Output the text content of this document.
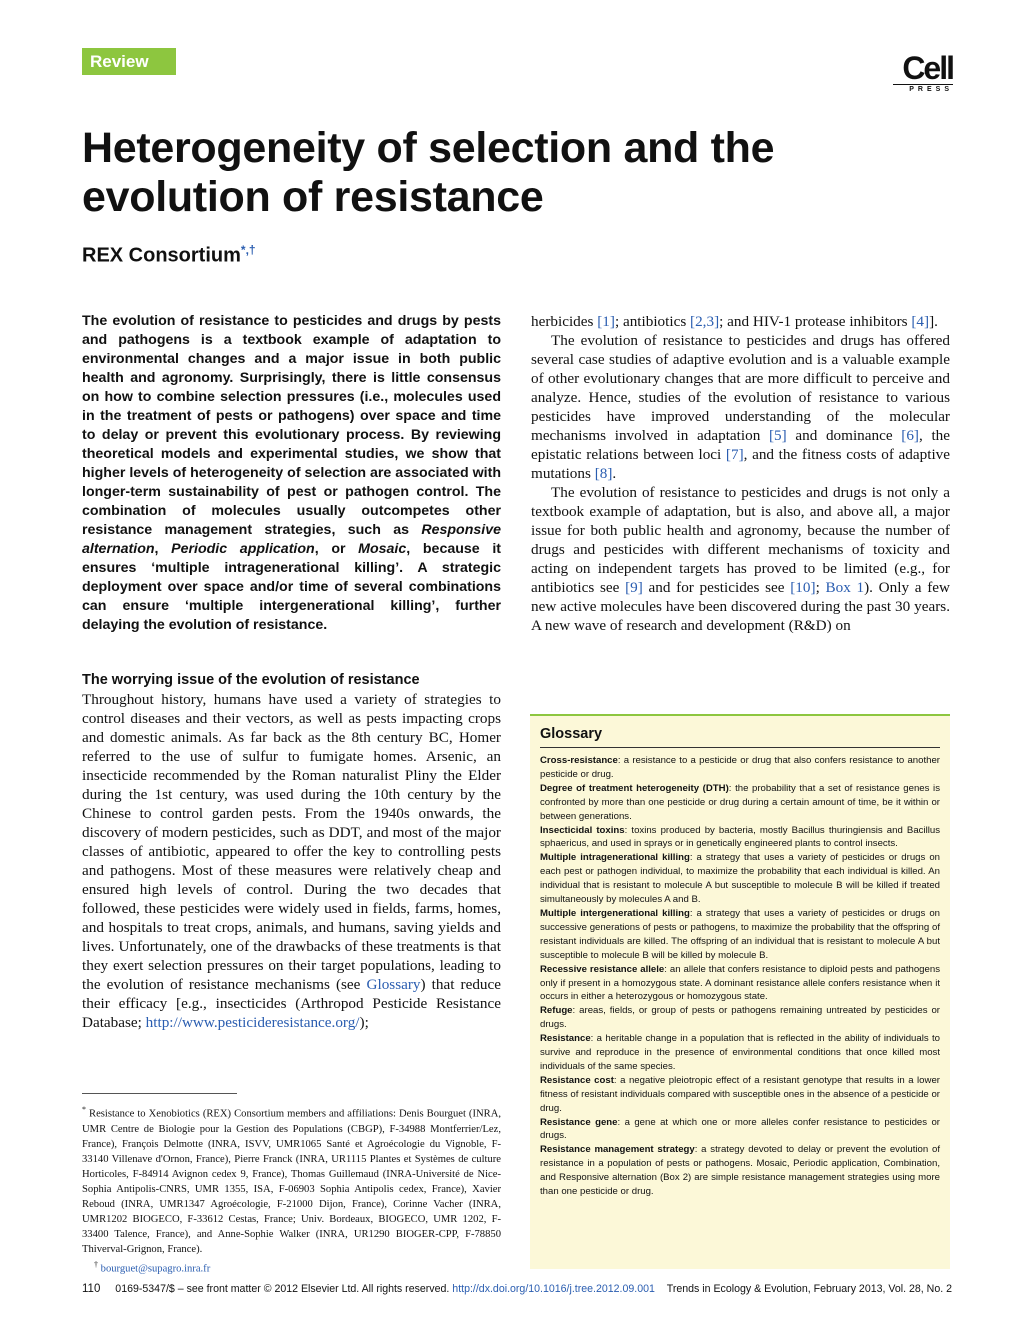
Review	Cell
PRESS
Heterogeneity of selection and the evolution of resistance
REX Consortium*,†

The evolution of resistance to pesticides and drugs by pests and pathogens is a textbook example of adaptation to environmental changes and a major issue in both public health and agronomy. Surprisingly, there is little consensus on how to combine selection pressures (i.e., molecules used in the treatment of pests or pathogens) over space and time to delay or prevent this evolutionary process. By reviewing theoretical models and experimental studies, we show that higher levels of heterogeneity of selection are associated with longer-term sustainability of pest or pathogen control. The combination of molecules usually outcompetes other resistance management strategies, such as Responsive alternation, Periodic application, or Mosaic, because it ensures ‘multiple intragenerational killing’. A strategic deployment over space and/or time of several combinations can ensure ‘multiple intergenerational killing’, further delaying the evolution of resistance.

The worrying issue of the evolution of resistance

Throughout history, humans have used a variety of strategies to control diseases and their vectors, as well as pests impacting crops and domestic animals. As far back as the 8th century BC, Homer referred to the use of sulfur to fumigate homes. Arsenic, an insecticide recommended by the Roman naturalist Pliny the Elder during the 1st century, was used during the 10th century by the Chinese to control garden pests. From the 1940s onwards, the discovery of modern pesticides, such as DDT, and most of the major classes of antibiotic, appeared to offer the key to controlling pests and pathogens. Most of these measures were relatively cheap and ensured high levels of control. During the two decades that followed, these pesticides were widely used in fields, farms, homes, and hospitals to treat crops, animals, and humans, saving yields and lives. Unfortunately, one of the drawbacks of these treatments is that they exert selection pressures on their target populations, leading to the evolution of resistance mechanisms (see Glossary) that reduce their efficacy [e.g., insecticides (Arthropod Pesticide Resistance Database; http://www.pesticideresistance.org/);

* Resistance to Xenobiotics (REX) Consortium members and affiliations: Denis Bourguet (INRA, UMR Centre de Biologie pour la Gestion des Populations (CBGP), F-34988 Montferrier/Lez, France), François Delmotte (INRA, ISVV, UMR1065 Santé et Agroécologie du Vignoble, F-33140 Villenave d'Ornon, France), Pierre Franck (INRA, UR1115 Plantes et Systèmes de culture Horticoles, F-84914 Avignon cedex 9, France), Thomas Guillemaud (INRA-Université de Nice-Sophia Antipolis-CNRS, UMR 1355, ISA, F-06903 Sophia Antipolis cedex, France), Xavier Reboud (INRA, UMR1347 Agroécologie, F-21000 Dijon, France), Corinne Vacher (INRA, UMR1202 BIOGECO, F-33612 Cestas, France; Univ. Bordeaux, BIOGECO, UMR 1202, F-33400 Talence, France), and Anne-Sophie Walker (INRA, UR1290 BIOGER-CPP, F-78850 Thiverval-Grignon, France).

† bourguet@supagro.inra.fr

herbicides [1]; antibiotics [2,3]; and HIV-1 protease inhibitors [4]].

The evolution of resistance to pesticides and drugs has offered several case studies of adaptive evolution and is a valuable example of other evolutionary changes that are more difficult to perceive and analyze. Hence, studies of the evolution of resistance to various pesticides have improved understanding of the molecular mechanisms involved in adaptation [5] and dominance [6], the epistatic relations between loci [7], and the fitness costs of adaptive mutations [8].

The evolution of resistance to pesticides and drugs is not only a textbook example of adaptation, but is also, and above all, a major issue for both public health and agronomy, because the number of drugs and pesticides with different mechanisms of toxicity and acting on independent targets has proved to be limited (e.g., for antibiotics see [9] and for pesticides see [10]; Box 1). Only a few new active molecules have been discovered during the past 30 years. A new wave of research and development (R&D) on

Glossary

Cross-resistance: a resistance to a pesticide or drug that also confers resistance to another pesticide or drug.

Degree of treatment heterogeneity (DTH): the probability that a set of resistance genes is confronted by more than one pesticide or drug during a certain amount of time, be it within or between generations.

Insecticidal toxins: toxins produced by bacteria, mostly Bacillus thuringiensis and Bacillus sphaericus, and used in sprays or in genetically engineered plants to control insects.

Multiple intragenerational killing: a strategy that uses a variety of pesticides or drugs on each pest or pathogen individual, to maximize the probability that each individual is killed. An individual that is resistant to molecule A but susceptible to molecule B will be killed if treated simultaneously by molecules A and B.

Multiple intergenerational killing: a strategy that uses a variety of pesticides or drugs on successive generations of pests or pathogens, to maximize the probability that the offspring of resistant individuals are killed. The offspring of an individual that is resistant to molecule A but susceptible to molecule B will be killed by molecule B.

Recessive resistance allele: an allele that confers resistance to diploid pests and pathogens only if present in a homozygous state. A dominant resistance allele confers resistance when it occurs in either a heterozygous or homozygous state.

Refuge: areas, fields, or group of pests or pathogens remaining untreated by pesticides or drugs.

Resistance: a heritable change in a population that is reflected in the ability of individuals to survive and reproduce in the presence of environmental conditions that once killed most individuals of the same species.

Resistance cost: a negative pleiotropic effect of a resistant genotype that results in a lower fitness of resistant individuals compared with susceptible ones in the absence of a pesticide or drug.

Resistance gene: a gene at which one or more alleles confer resistance to pesticides or drugs.

Resistance management strategy: a strategy devoted to delay or prevent the evolution of resistance in a population of pests or pathogens. Mosaic, Periodic application, Combination, and Responsive alternation (Box 2) are simple resistance management strategies using more than one pesticide or drug.

110 0169-5347/$ – see front matter © 2012 Elsevier Ltd. All rights reserved. http://dx.doi.org/10.1016/j.tree.2012.09.001 Trends in Ecology & Evolution, February 2013, Vol. 28, No. 2
